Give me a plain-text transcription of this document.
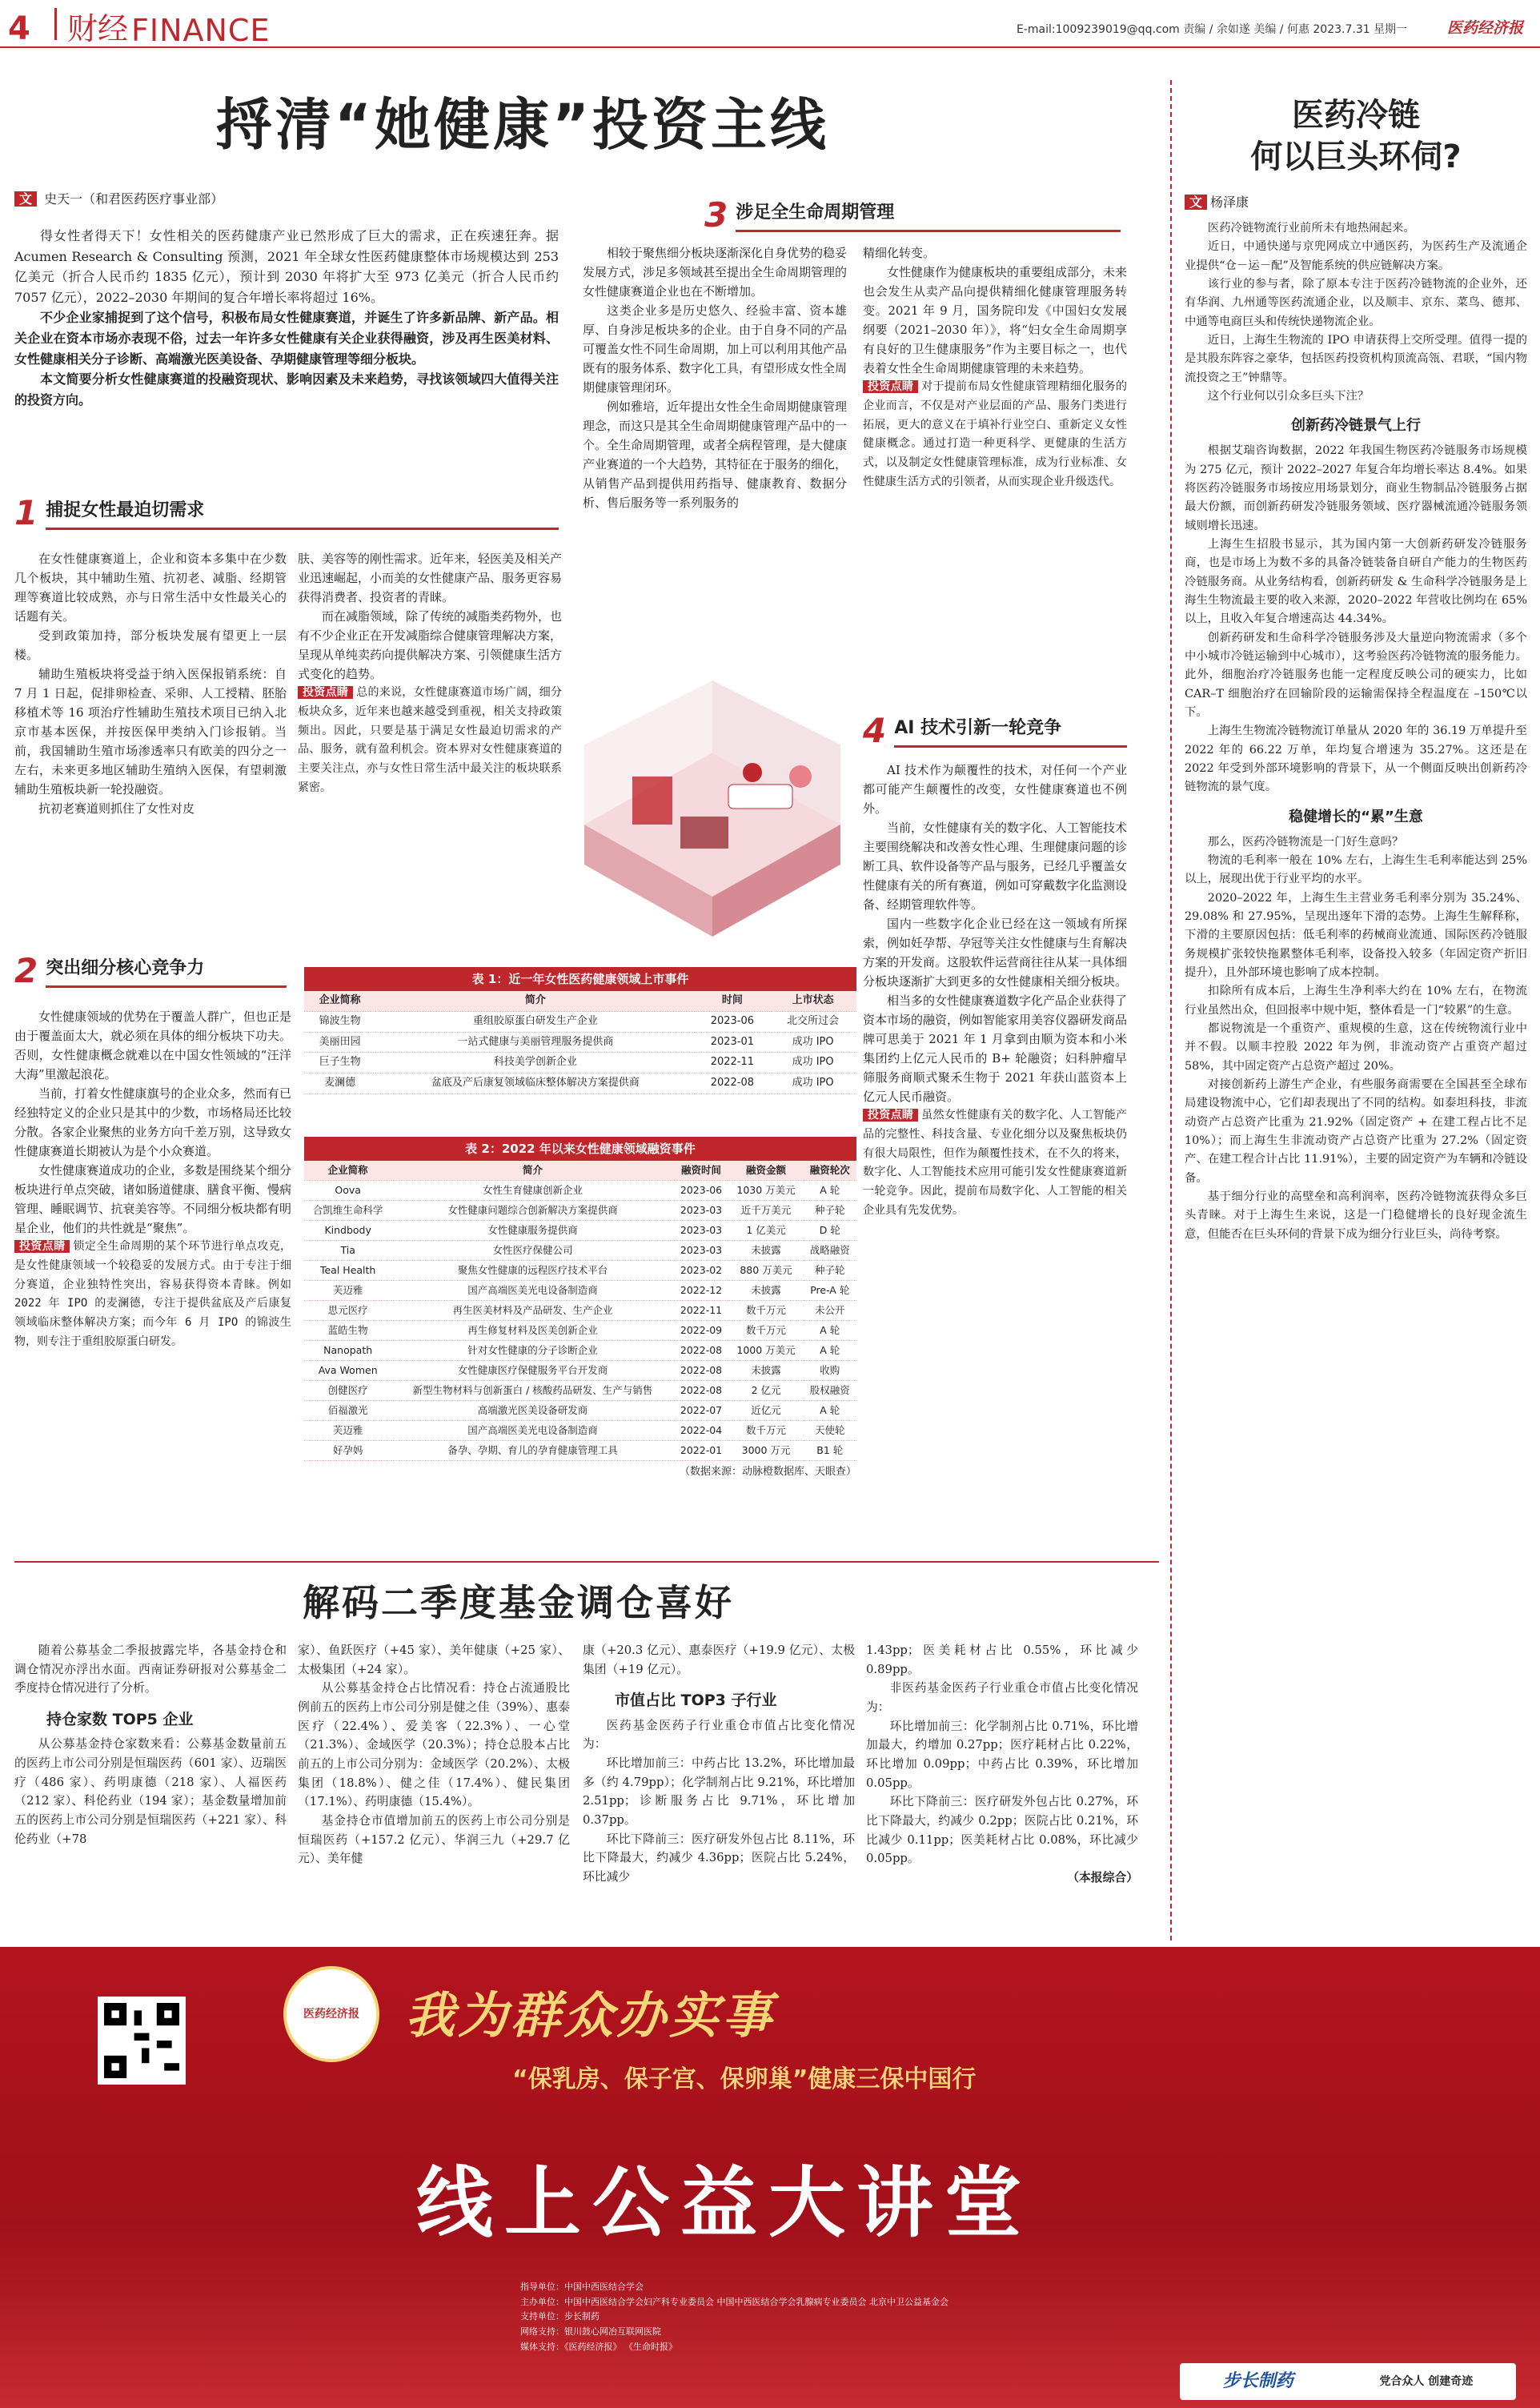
4 财经 FINANCE	E-mail:1009239019@qq.com 责编 / 余如遂 美编 / 何惠 2023.7.31 星期一	医药经济报
捋清“她健康”投资主线
文 史天一（和君医药医疗事业部）

得女性者得天下！女性相关的医药健康产业已然形成了巨大的需求，正在疾速狂奔。据 Acumen Research & Consulting 预测，2021 年全球女性医药健康整体市场规模达到 253 亿美元（折合人民币约 1835 亿元），预计到 2030 年将扩大至 973 亿美元（折合人民币约 7057 亿元），2022–2030 年期间的复合年增长率将超过 16%。

不少企业家捕捉到了这个信号，积极布局女性健康赛道，并诞生了许多新品牌、新产品。相关企业在资本市场亦表现不俗，过去一年许多女性健康有关企业获得融资，涉及再生医美材料、女性健康相关分子诊断、高端激光医美设备、孕期健康管理等细分板块。

本文简要分析女性健康赛道的投融资现状、影响因素及未来趋势，寻找该领域四大值得关注的投资方向。

1 捕捉女性最迫切需求

在女性健康赛道上，企业和资本多集中在少数几个板块，其中辅助生殖、抗初老、减脂、经期管理等赛道比较成熟，亦与日常生活中女性最关心的话题有关。

受到政策加持，部分板块发展有望更上一层楼。

辅助生殖板块将受益于纳入医保报销系统：自 7 月 1 日起，促排卵检查、采卵、人工授精、胚胎移植术等 16 项治疗性辅助生殖技术项目已纳入北京市基本医保，并按医保甲类纳入门诊报销。当前，我国辅助生殖市场渗透率只有欧美的四分之一左右，未来更多地区辅助生殖纳入医保，有望刺激辅助生殖板块新一轮投融资。

抗初老赛道则抓住了女性对皮

肤、美容等的刚性需求。近年来，轻医美及相关产业迅速崛起，小而美的女性健康产品、服务更容易获得消费者、投资者的青睐。

而在减脂领域，除了传统的减脂类药物外，也有不少企业正在开发减脂综合健康管理解决方案，呈现从单纯卖药向提供解决方案、引领健康生活方式变化的趋势。

投资点睛 总的来说，女性健康赛道市场广阔，细分板块众多，近年来也越来越受到重视，相关支持政策频出。因此，只要是基于满足女性最迫切需求的产品、服务，就有盈利机会。资本界对女性健康赛道的主要关注点，亦与女性日常生活中最关注的板块联系紧密。

2 突出细分核心竞争力

女性健康领域的优势在于覆盖人群广，但也正是由于覆盖面太大，就必须在具体的细分板块下功夫。否则，女性健康概念就难以在中国女性领域的“汪洋大海”里激起浪花。

当前，打着女性健康旗号的企业众多，然而有已经独特定义的企业只是其中的少数，市场格局还比较分散。各家企业聚焦的业务方向千差万别，这导致女性健康赛道长期被认为是个小众赛道。

女性健康赛道成功的企业，多数是围绕某个细分板块进行单点突破，诸如肠道健康、膳食平衡、慢病管理、睡眠调节、抗衰美容等。不同细分板块都有明星企业，他们的共性就是“聚焦”。

投资点睛 锁定全生命周期的某个环节进行单点攻克，是女性健康领域一个较稳妥的发展方式。由于专注于细分赛道，企业独特性突出，容易获得资本青睐。例如 2022 年 IPO 的麦澜德，专注于提供盆底及产后康复领域临床整体解决方案；而今年 6 月 IPO 的锦波生物，则专注于重组胶原蛋白研发。

3 涉足全生命周期管理

相较于聚焦细分板块逐渐深化自身优势的稳妥发展方式，涉足多领域甚至提出全生命周期管理的女性健康赛道企业也在不断增加。

这类企业多是历史悠久、经验丰富、资本雄厚、自身涉足板块多的企业。由于自身不同的产品可覆盖女性不同生命周期，加上可以利用其他产品既有的服务体系、数字化工具，有望形成女性全周期健康管理闭环。

例如雅培，近年提出女性全生命周期健康管理理念，而这只是其全生命周期健康管理产品中的一个。全生命周期管理，或者全病程管理，是大健康产业赛道的一个大趋势，其特征在于服务的细化，从销售产品到提供用药指导、健康教育、数据分析、售后服务等一系列服务的

精细化转变。

女性健康作为健康板块的重要组成部分，未来也会发生从卖产品向提供精细化健康管理服务转变。2021 年 9 月，国务院印发《中国妇女发展纲要（2021–2030 年）》，将“妇女全生命周期享有良好的卫生健康服务”作为主要目标之一，也代表着女性全生命周期健康管理的未来趋势。

投资点睛 对于提前布局女性健康管理精细化服务的企业而言，不仅是对产业层面的产品、服务门类进行拓展，更大的意义在于填补行业空白、重新定义女性健康概念。通过打造一种更科学、更健康的生活方式，以及制定女性健康管理标准，成为行业标准、女性健康生活方式的引领者，从而实现企业升级迭代。

4 AI 技术引新一轮竞争

AI 技术作为颠覆性的技术，对任何一个产业都可能产生颠覆性的改变，女性健康赛道也不例外。

当前，女性健康有关的数字化、人工智能技术主要围绕解决和改善女性心理、生理健康问题的诊断工具、软件设备等产品与服务，已经几乎覆盖女性健康有关的所有赛道，例如可穿戴数字化监测设备、经期管理软件等。

国内一些数字化企业已经在这一领域有所探索，例如妊孕帮、孕冠等关注女性健康与生育解决方案的开发商。这股软件运营商往往从某一具体细分板块逐渐扩大到更多的女性健康相关细分板块。

相当多的女性健康赛道数字化产品企业获得了资本市场的融资，例如智能家用美容仪器研发商品牌可思美于 2021 年 1 月拿到由顺为资本和小米集团约上亿元人民币的 B+ 轮融资；妇科肿瘤早筛服务商顺式聚禾生物于 2021 年获山蓝资本上亿元人民币融资。

投资点睛 虽然女性健康有关的数字化、人工智能产品的完整性、科技含量、专业化细分以及聚焦板块仍有很大局限性，但作为颠覆性技术，在不久的将来，数字化、人工智能技术应用可能引发女性健康赛道新一轮竞争。因此，提前布局数字化、人工智能的相关企业具有先发优势。

表 1：近一年女性医药健康领域上市事件
企业简称	简介	时间	上市状态
锦波生物	重组胶原蛋白研发生产企业	2023-06	北交所过会
美丽田园	一站式健康与美丽管理服务提供商	2023-01	成功 IPO
巨子生物	科技美学创新企业	2022-11	成功 IPO
麦澜德	盆底及产后康复领域临床整体解决方案提供商	2022-08	成功 IPO
表 2：2022 年以来女性健康领域融资事件
企业简称	简介	融资时间	融资金额	融资轮次
Oova	女性生育健康创新企业	2023-06	1030 万美元	A 轮
合凯维生命科学	女性健康问题综合创新解决方案提供商	2023-03	近千万美元	种子轮
Kindbody	女性健康服务提供商	2023-03	1 亿美元	D 轮
Tia	女性医疗保健公司	2023-03	未披露	战略融资
Teal Health	聚焦女性健康的远程医疗技术平台	2023-02	880 万美元	种子轮
芙迈雅	国产高端医美光电设备制造商	2022-12	未披露	Pre-A 轮
思元医疗	再生医美材料及产品研发、生产企业	2022-11	数千万元	未公开
蓝皓生物	再生修复材料及医美创新企业	2022-09	数千万元	A 轮
Nanopath	针对女性健康的分子诊断企业	2022-08	1000 万美元	A 轮
Ava Women	女性健康医疗保健服务平台开发商	2022-08	未披露	收购
创健医疗	新型生物材料与创新蛋白 / 核酸药品研发、生产与销售	2022-08	2 亿元	股权融资
佰福激光	高端激光医美设备研发商	2022-07	近亿元	A 轮
芙迈雅	国产高端医美光电设备制造商	2022-04	数千万元	天使轮
好孕妈	备孕、孕期、育儿的孕育健康管理工具	2022-01	3000 万元	B1 轮
（数据来源：动脉橙数据库、天眼查）
医药冷链
何以巨头环伺?
文 杨泽康

医药冷链物流行业前所未有地热闹起来。

近日，中通快递与京兜网成立中通医药，为医药生产及流通企业提供“仓－运－配”及智能系统的供应链解决方案。

该行业的参与者，除了原本专注于医药冷链物流的企业外，还有华润、九州通等医药流通企业，以及顺丰、京东、菜鸟、德邦、中通等电商巨头和传统快递物流企业。

近日，上海生生物流的 IPO 申请获得上交所受理。值得一提的是其股东阵容之豪华，包括医药投资机构顶流高瓴、君联，“国内物流投资之王”钟鼎等。

这个行业何以引众多巨头下注？

创新药冷链景气上行

根据艾瑞咨询数据，2022 年我国生物医药冷链服务市场规模为 275 亿元，预计 2022–2027 年复合年均增长率达 8.4%。如果将医药冷链服务市场按应用场景划分，商业生物制品冷链服务占据最大份额，而创新药研发冷链服务领域、医疗器械流通冷链服务领域则增长迅速。

上海生生招股书显示，其为国内第一大创新药研发冷链服务商，也是市场上为数不多的具备冷链装备自研自产能力的生物医药冷链服务商。从业务结构看，创新药研发 & 生命科学冷链服务是上海生生物流最主要的收入来源，2020–2022 年营收比例均在 65% 以上，且收入年复合增速高达 44.34%。

创新药研发和生命科学冷链服务涉及大量逆向物流需求（多个中小城市冷链运输到中心城市），这考验医药冷链物流的服务能力。此外，细胞治疗冷链服务也能一定程度反映公司的硬实力，比如 CAR–T 细胞治疗在回输阶段的运输需保持全程温度在 –150℃以下。

上海生生物流冷链物流订单量从 2020 年的 36.19 万单提升至 2022 年的 66.22 万单，年均复合增速为 35.27%。这还是在 2022 年受到外部环境影响的背景下，从一个侧面反映出创新药冷链物流的景气度。

稳健增长的“累”生意

那么，医药冷链物流是一门好生意吗？

物流的毛利率一般在 10% 左右，上海生生毛利率能达到 25% 以上，展现出优于行业平均的水平。

2020–2022 年，上海生生主营业务毛利率分别为 35.24%、29.08% 和 27.95%，呈现出逐年下滑的态势。上海生生解释称，下滑的主要原因包括：低毛利率的药械商业流通、国际医药冷链服务规模扩张较快拖累整体毛利率，设备投入较多（年固定资产折旧提升），且外部环境也影响了成本控制。

扣除所有成本后，上海生生净利率大约在 10% 左右，在物流行业虽然出众，但回报率中规中矩，整体看是一门“较累”的生意。

都说物流是一个重资产、重规模的生意，这在传统物流行业中并不假。以顺丰控股 2022 年为例，非流动资产占重资产超过 58%，其中固定资产占总资产超过 20%。

对接创新药上游生产企业，有些服务商需要在全国甚至全球布局建设物流中心，它们却表现出了不同的结构。如泰坦科技，非流动资产占总资产比重为 21.92%（固定资产 + 在建工程占比不足 10%）；而上海生生非流动资产占总资产比重为 27.2%（固定资产、在建工程合计占比 11.91%），主要的固定资产为车辆和冷链设备。

基于细分行业的高壁垒和高利润率，医药冷链物流获得众多巨头青睐。对于上海生生来说，这是一门稳健增长的良好现金流生意，但能否在巨头环伺的背景下成为细分行业巨头，尚待考察。

解码二季度基金调仓喜好

随着公募基金二季报披露完毕，各基金持仓和调仓情况亦浮出水面。西南证券研报对公募基金二季度持仓情况进行了分析。

持仓家数 TOP5 企业

从公募基金持仓家数来看：公募基金数量前五的医药上市公司分别是恒瑞医药（601 家）、迈瑞医疗（486 家）、药明康德（218 家）、人福医药（212 家）、科伦药业（194 家）；基金数量增加前五的医药上市公司分别是恒瑞医药（+221 家）、科伦药业（+78

家）、鱼跃医疗（+45 家）、美年健康（+25 家）、太极集团（+24 家）。

从公募基金持仓占比情况看：持仓占流通股比例前五的医药上市公司分别是健之佳（39%）、惠泰医疗（22.4%）、爱美客（22.3%）、一心堂（21.3%）、金域医学（20.3%）；持仓总股本占比前五的上市公司分别为：金域医学（20.2%）、太极集团（18.8%）、健之佳（17.4%）、健民集团（17.1%）、药明康德（15.4%）。

基金持仓市值增加前五的医药上市公司分别是恒瑞医药（+157.2 亿元）、华润三九（+29.7 亿元）、美年健

康（+20.3 亿元）、惠泰医疗（+19.9 亿元）、太极集团（+19 亿元）。

市值占比 TOP3 子行业

医药基金医药子行业重仓市值占比变化情况为：

环比增加前三：中药占比 13.2%，环比增加最多（约 4.79pp）；化学制剂占比 9.21%，环比增加 2.51pp；诊断服务占比 9.71%，环比增加 0.37pp。

环比下降前三：医疗研发外包占比 8.11%，环比下降最大，约减少 4.36pp；医院占比 5.24%，环比减少

1.43pp；医美耗材占比 0.55%，环比减少 0.89pp。

非医药基金医药子行业重仓市值占比变化情况为：

环比增加前三：化学制剂占比 0.71%，环比增加最大，约增加 0.27pp；医疗耗材占比 0.22%，环比增加 0.09pp；中药占比 0.39%，环比增加 0.05pp。

环比下降前三：医疗研发外包占比 0.27%，环比下降最大，约减少 0.2pp；医院占比 0.21%，环比减少 0.11pp；医美耗材占比 0.08%，环比减少 0.05pp。

（本报综合）
医药经济报 我为群众办实事
“保乳房、保子宫、保卵巢”健康三保中国行
线上公益大讲堂
指导单位：中国中西医结合学会
主办单位：中国中西医结合学会妇产科专业委员会 中国中西医结合学会乳腺病专业委员会 北京中卫公益基金会
支持单位：步长制药
网络支持：银川鼓心网冶互联网医院
媒体支持：《医药经济报》 《生命时报》
步长制药	党合众人 创建奇迹
